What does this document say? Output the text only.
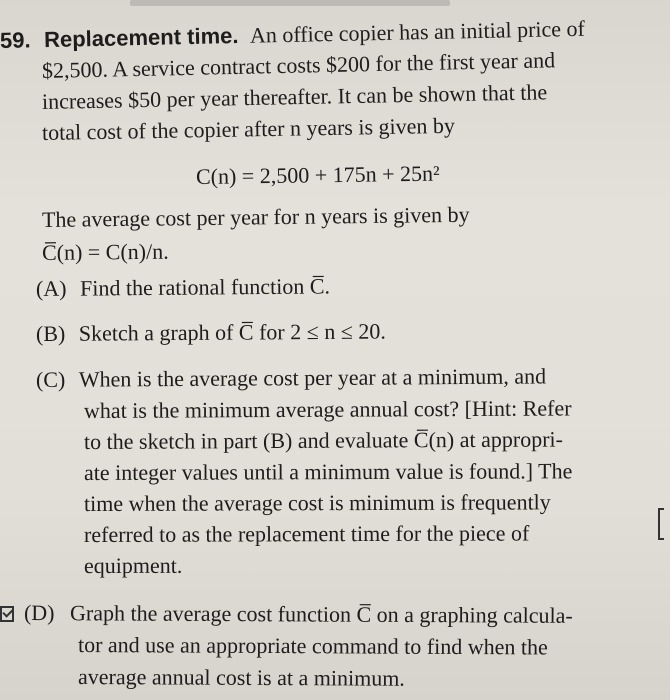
59. Replacement time. An office copier has an initial price of
$2,500. A service contract costs $200 for the first year and
increases $50 per year thereafter. It can be shown that the
total cost of the copier after n years is given by
C(n) = 2,500 + 175n + 25n²
The average cost per year for n years is given by
C̅(n) = C(n)/n.
(A) Find the rational function C̅.
(B) Sketch a graph of C̅ for 2 ≤ n ≤ 20.
(C) When is the average cost per year at a minimum, and
what is the minimum average annual cost? [Hint: Refer
to the sketch in part (B) and evaluate C̅(n) at appropri-
ate integer values until a minimum value is found.] The
time when the average cost is minimum is frequently
referred to as the replacement time for the piece of
equipment.
(D) Graph the average cost function C̅ on a graphing calcula-
tor and use an appropriate command to find when the
average annual cost is at a minimum.
